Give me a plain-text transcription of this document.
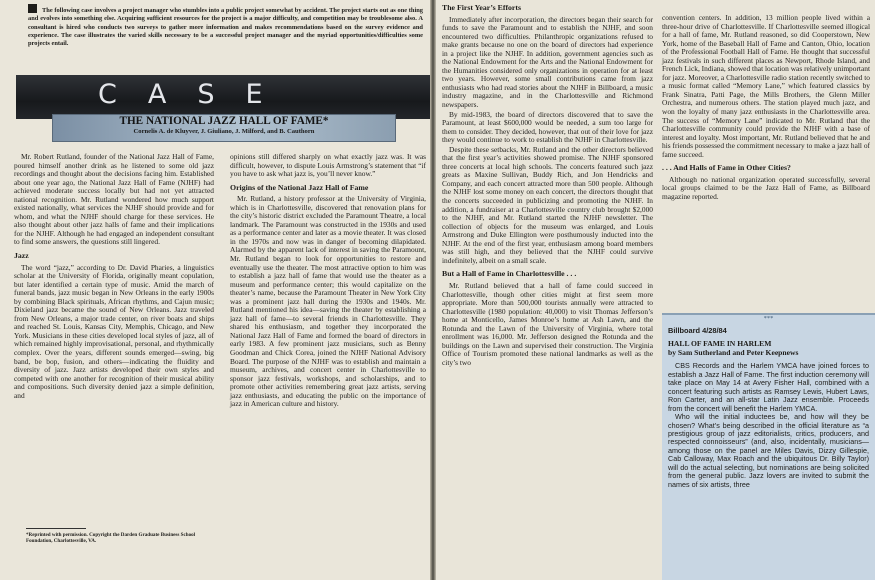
The following case involves a project manager who stumbles into a public project somewhat by accident. The project starts out as one thing and evolves into something else. Acquiring sufficient resources for the project is a major difficulty, and competition may be troublesome also. A consultant is hired who conducts two surveys to gather more information and makes recommendations based on the survey evidence and experience. The case illustrates the varied skills necessary to be a successful project manager and the myriad opportunities/difficulties some projects entail.
CASE
THE NATIONAL JAZZ HALL OF FAME*
Cornelis A. de Kluyver, J. Giuliano, J. Milford, and B. Cauthorn

Mr. Robert Rutland, founder of the National Jazz Hall of Fame, poured himself another drink as he listened to some old jazz recordings and thought about the decisions facing him. Established about one year ago, the National Jazz Hall of Fame (NJHF) had achieved moderate success locally but had not yet attracted national recognition. Mr. Rutland wondered how much support existed nationally, what services the NJHF should provide and for whom, and what the NJHF should charge for these services. He also thought about other jazz halls of fame and their implications for the NJHF. Although he had engaged an independent consultant to find some answers, the questions still lingered.

Jazz

The word “jazz,” according to Dr. David Pharies, a linguistics scholar at the University of Florida, originally meant copulation, but later identified a certain type of music. Amid the march of funeral bands, jazz music began in New Orleans in the early 1900s by combining Black spirituals, African rhythms, and Cajun music; Dixieland jazz became the sound of New Orleans. Jazz traveled from New Orleans, a major trade center, on river boats and ships and reached St. Louis, Kansas City, Memphis, Chicago, and New York. Musicians in these cities developed local styles of jazz, all of which remained highly improvisational, personal, and rhythmically complex. Over the years, different sounds emerged—swing, big band, be bop, fusion, and others—indicating the fluidity and diversity of jazz. Jazz artists developed their own styles and competed with one another for recognition of their musical ability and compositions. Such diversity denied jazz a simple definition, and

opinions still differed sharply on what exactly jazz was. It was difficult, however, to dispute Louis Armstrong’s statement that “if you have to ask what jazz is, you’ll never know.”

Origins of the National Jazz Hall of Fame

Mr. Rutland, a history professor at the University of Virginia, which is in Charlottesville, discovered that renovation plans for the city’s historic district excluded the Paramount Theatre, a local landmark. The Paramount was constructed in the 1930s and used as a performance center and later as a movie theater. It was closed in the 1970s and now was in danger of becoming dilapidated. Alarmed by the apparent lack of interest in saving the Paramount, Mr. Rutland began to look for opportunities to restore and eventually use the theater. The most attractive option to him was to establish a jazz hall of fame that would use the theater as a museum and performance center; this would capitalize on the theater’s name, because the Paramount Theater in New York City was a prominent jazz hall during the 1930s and 1940s. Mr. Rutland mentioned his idea—saving the theater by establishing a jazz hall of fame—to several friends in Charlottesville. They shared his enthusiasm, and together they incorporated the National Jazz Hall of Fame and formed the board of directors in early 1983. A few prominent jazz musicians, such as Benny Goodman and Chick Corea, joined the NJHF National Advisory Board. The purpose of the NJHF was to establish and maintain a museum, archives, and concert center in Charlottesville to sponsor jazz festivals, workshops, and scholarships, and to promote other activities remembering great jazz artists, serving jazz enthusiasts, and educating the public on the importance of jazz in American culture and history.

*Reprinted with permission. Copyright the Darden Graduate Business School Foundation, Charlottesville, VA.
The First Year’s Efforts

Immediately after incorporation, the directors began their search for funds to save the Paramount and to establish the NJHF, and soon encountered two difficulties. Philanthropic organizations refused to make grants because no one on the board of directors had experience in a project like the NJHF. In addition, government agencies such as the National Endowment for the Arts and the National Endowment for the Humanities considered only organizations in operation for at least two years. However, some small contributions came from jazz enthusiasts who had read stories about the NJHF in Billboard, a music industry magazine, and in the Charlottesville and Richmond newspapers.

By mid-1983, the board of directors discovered that to save the Paramount, at least $600,000 would be needed, a sum too large for them to consider. They decided, however, that out of their love for jazz they would continue to work to establish the NJHF in Charlottesville.

Despite these setbacks, Mr. Rutland and the other directors believed that the first year’s activities showed promise. The NJHF sponsored three concerts at local high schools. The concerts featured such jazz greats as Maxine Sullivan, Buddy Rich, and Jon Hendricks and Company, and each concert attracted more than 500 people. Although the NJHF lost some money on each concert, the directors thought that the concerts succeeded in publicizing and promoting the NJHF. In addition, a fundraiser at a Charlottesville country club brought $2,000 to the NJHF, and Mr. Rutland started the NJHF newsletter. The collection of objects for the museum was enlarged, and Louis Armstrong and Duke Ellington were posthumously inducted into the NJHF. At the end of the first year, enthusiasm among board members was still high, and they believed that the NJHF could survive indefinitely, albeit on a small scale.

But a Hall of Fame in Charlottesville . . .

Mr. Rutland believed that a hall of fame could succeed in Charlottesville, though other cities might at first seem more appropriate. More than 500,000 tourists annually were attracted to Charlottesville (1980 population: 40,000) to visit Thomas Jefferson’s home at Monticello, James Monroe’s home at Ash Lawn, and the Rotunda and the Lawn of the University of Virginia, where total enrollment was 16,000. Mr. Jefferson designed the Rotunda and the buildings on the Lawn and supervised their construction. The Virginia Office of Tourism promoted these national landmarks as well as the city’s two

convention centers. In addition, 13 million people lived within a three-hour drive of Charlottesville. If Charlottesville seemed illogical for a hall of fame, Mr. Rutland reasoned, so did Cooperstown, New York, home of the Baseball Hall of Fame and Canton, Ohio, location of the Professional Football Hall of Fame. He thought that successful jazz festivals in such different places as Newport, Rhode Island, and French Lick, Indiana, showed that location was relatively unimportant for jazz. Moreover, a Charlottesville radio station recently switched to a music format called “Memory Lane,” which featured classics by Frank Sinatra, Patti Page, the Mills Brothers, the Glenn Miller Orchestra, and numerous others. The station played much jazz, and won the loyalty of many jazz enthusiasts in the Charlottesville area. The success of “Memory Lane” indicated to Mr. Rutland that the Charlottesville community could provide the NJHF with a base of interest and loyalty. Most important, Mr. Rutland believed that he and his friends possessed the commitment necessary to make a jazz hall of fame succeed.

. . . And Halls of Fame in Other Cities?

Although no national organization operated successfully, several local groups claimed to be the Jazz Hall of Fame, as Billboard magazine reported.

***

Billboard 4/28/84

HALL OF FAME IN HARLEM

by Sam Sutherland and Peter Keepnews

CBS Records and the Harlem YMCA have joined forces to establish a Jazz Hall of Fame. The first induction ceremony will take place on May 14 at Avery Fisher Hall, combined with a concert featuring such artists as Ramsey Lewis, Hubert Laws, Ron Carter, and an all-star Latin Jazz ensemble. Proceeds from the concert will benefit the Harlem YMCA.

Who will the initial inductees be, and how will they be chosen? What’s being described in the official literature as “a prestigious group of jazz editorialists, critics, producers, and respected connoisseurs” (and, also, incidentally, musicians—among those on the panel are Miles Davis, Dizzy Gillespie, Cab Calloway, Max Roach and the ubiquitous Dr. Billy Taylor) will do the actual selecting, but nominations are being solicited from the general public. Jazz lovers are invited to submit the names of six artists, three
